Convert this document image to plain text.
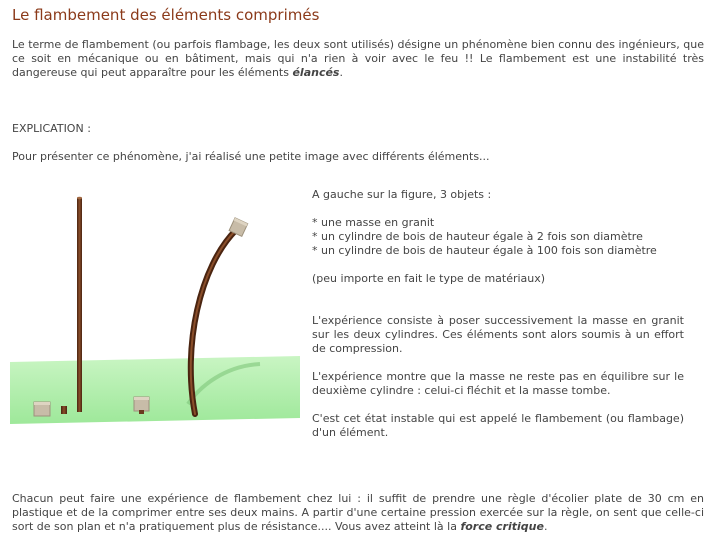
Le flambement des éléments comprimés

Le terme de flambement (ou parfois flambage, les deux sont utilisés) désigne un phénomène bien connu des ingénieurs, que ce soit en mécanique ou en bâtiment, mais qui n'a rien à voir avec le feu !! Le flambement est une instabilité très dangereuse qui peut apparaître pour les éléments élancés.

EXPLICATION :

Pour présenter ce phénomène, j'ai réalisé une petite image avec différents éléments...

A gauche sur la figure, 3 objets :

* une masse en granit

* un cylindre de bois de hauteur égale à 2 fois son diamètre

* un cylindre de bois de hauteur égale à 100 fois son diamètre

(peu importe en fait le type de matériaux)

L'expérience consiste à poser successivement la masse en granit sur les deux cylindres. Ces éléments sont alors soumis à un effort de compression.

L'expérience montre que la masse ne reste pas en équilibre sur le deuxième cylindre : celui-ci fléchit et la masse tombe.

C'est cet état instable qui est appelé le flambement (ou flambage) d'un élément.

Chacun peut faire une expérience de flambement chez lui : il suffit de prendre une règle d'écolier plate de 30 cm en plastique et de la comprimer entre ses deux mains. A partir d'une certaine pression exercée sur la règle, on sent que celle-ci sort de son plan et n'a pratiquement plus de résistance.... Vous avez atteint là la force critique.
